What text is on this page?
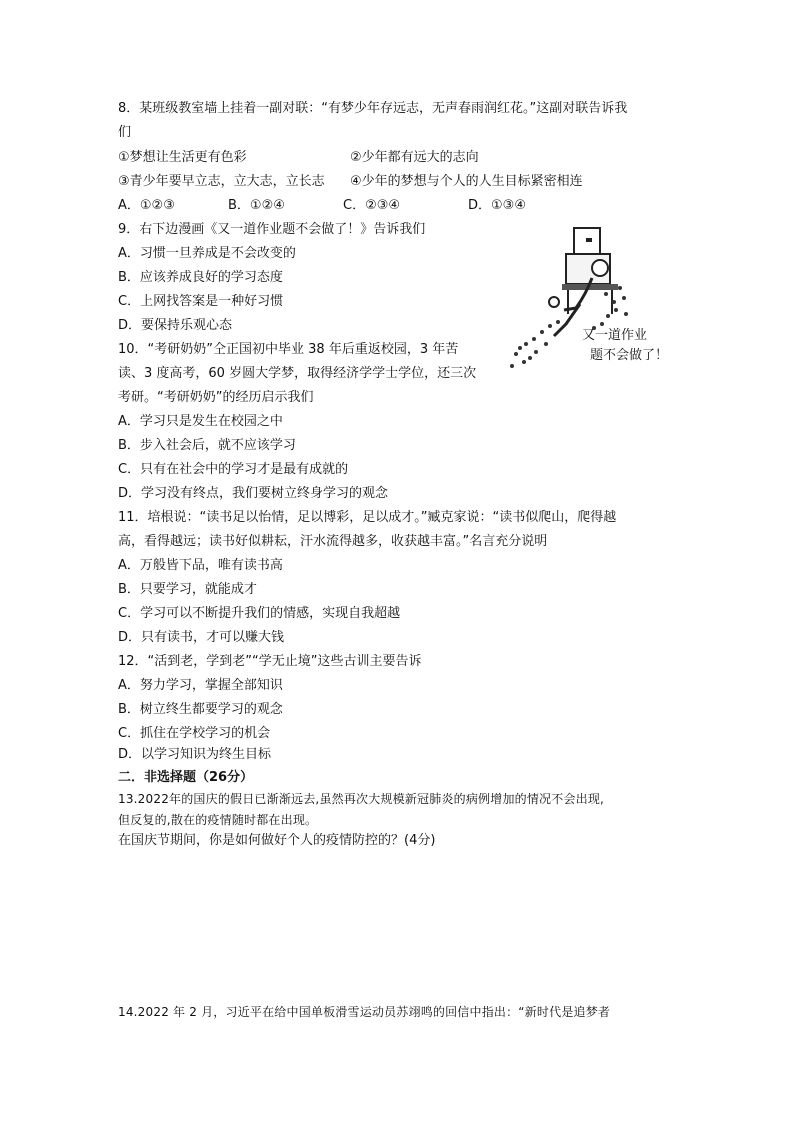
8．某班级教室墙上挂着一副对联：“有梦少年存远志，无声春雨润红花。”这副对联告诉我
们
①梦想让生活更有色彩	②少年都有远大的志向
③青少年要早立志，立大志，立长志 ④少年的梦想与个人的人生目标紧密相连
A．①②③	B．①②④	C．②③④	D．①③④
9．右下边漫画《又一道作业题不会做了！》告诉我们
A．习惯一旦养成是不会改变的
B．应该养成良好的学习态度
C．上网找答案是一种好习惯
D．要保持乐观心态
又一道作业
题不会做了！
10．“考研奶奶”仝正国初中毕业 38 年后重返校园，3 年苦
读、3 度高考，60 岁圆大学梦，取得经济学学士学位，还三次
考研。“考研奶奶”的经历启示我们
A．学习只是发生在校园之中
B．步入社会后，就不应该学习
C．只有在社会中的学习才是最有成就的
D．学习没有终点，我们要树立终身学习的观念
11．培根说：“读书足以怡情，足以博彩，足以成才。”臧克家说：“读书似爬山，爬得越
高，看得越远；读书好似耕耘，汗水流得越多，收获越丰富。”名言充分说明
A．万般皆下品，唯有读书高
B．只要学习，就能成才
C．学习可以不断提升我们的情感，实现自我超越
D．只有读书，才可以赚大钱
12．“活到老，学到老”“学无止境”这些古训主要告诉
A．努力学习，掌握全部知识
B．树立终生都要学习的观念
C．抓住在学校学习的机会
D．以学习知识为终生目标
二．非选择题（26分）
13.2022年的国庆的假日已渐渐远去,虽然再次大规模新冠肺炎的病例增加的情况不会出现,
但反复的,散在的疫情随时都在出现。
在国庆节期间，你是如何做好个人的疫情防控的？(4分)
14.2022 年 2 月，习近平在给中国单板滑雪运动员苏翊鸣的回信中指出：“新时代是追梦者
